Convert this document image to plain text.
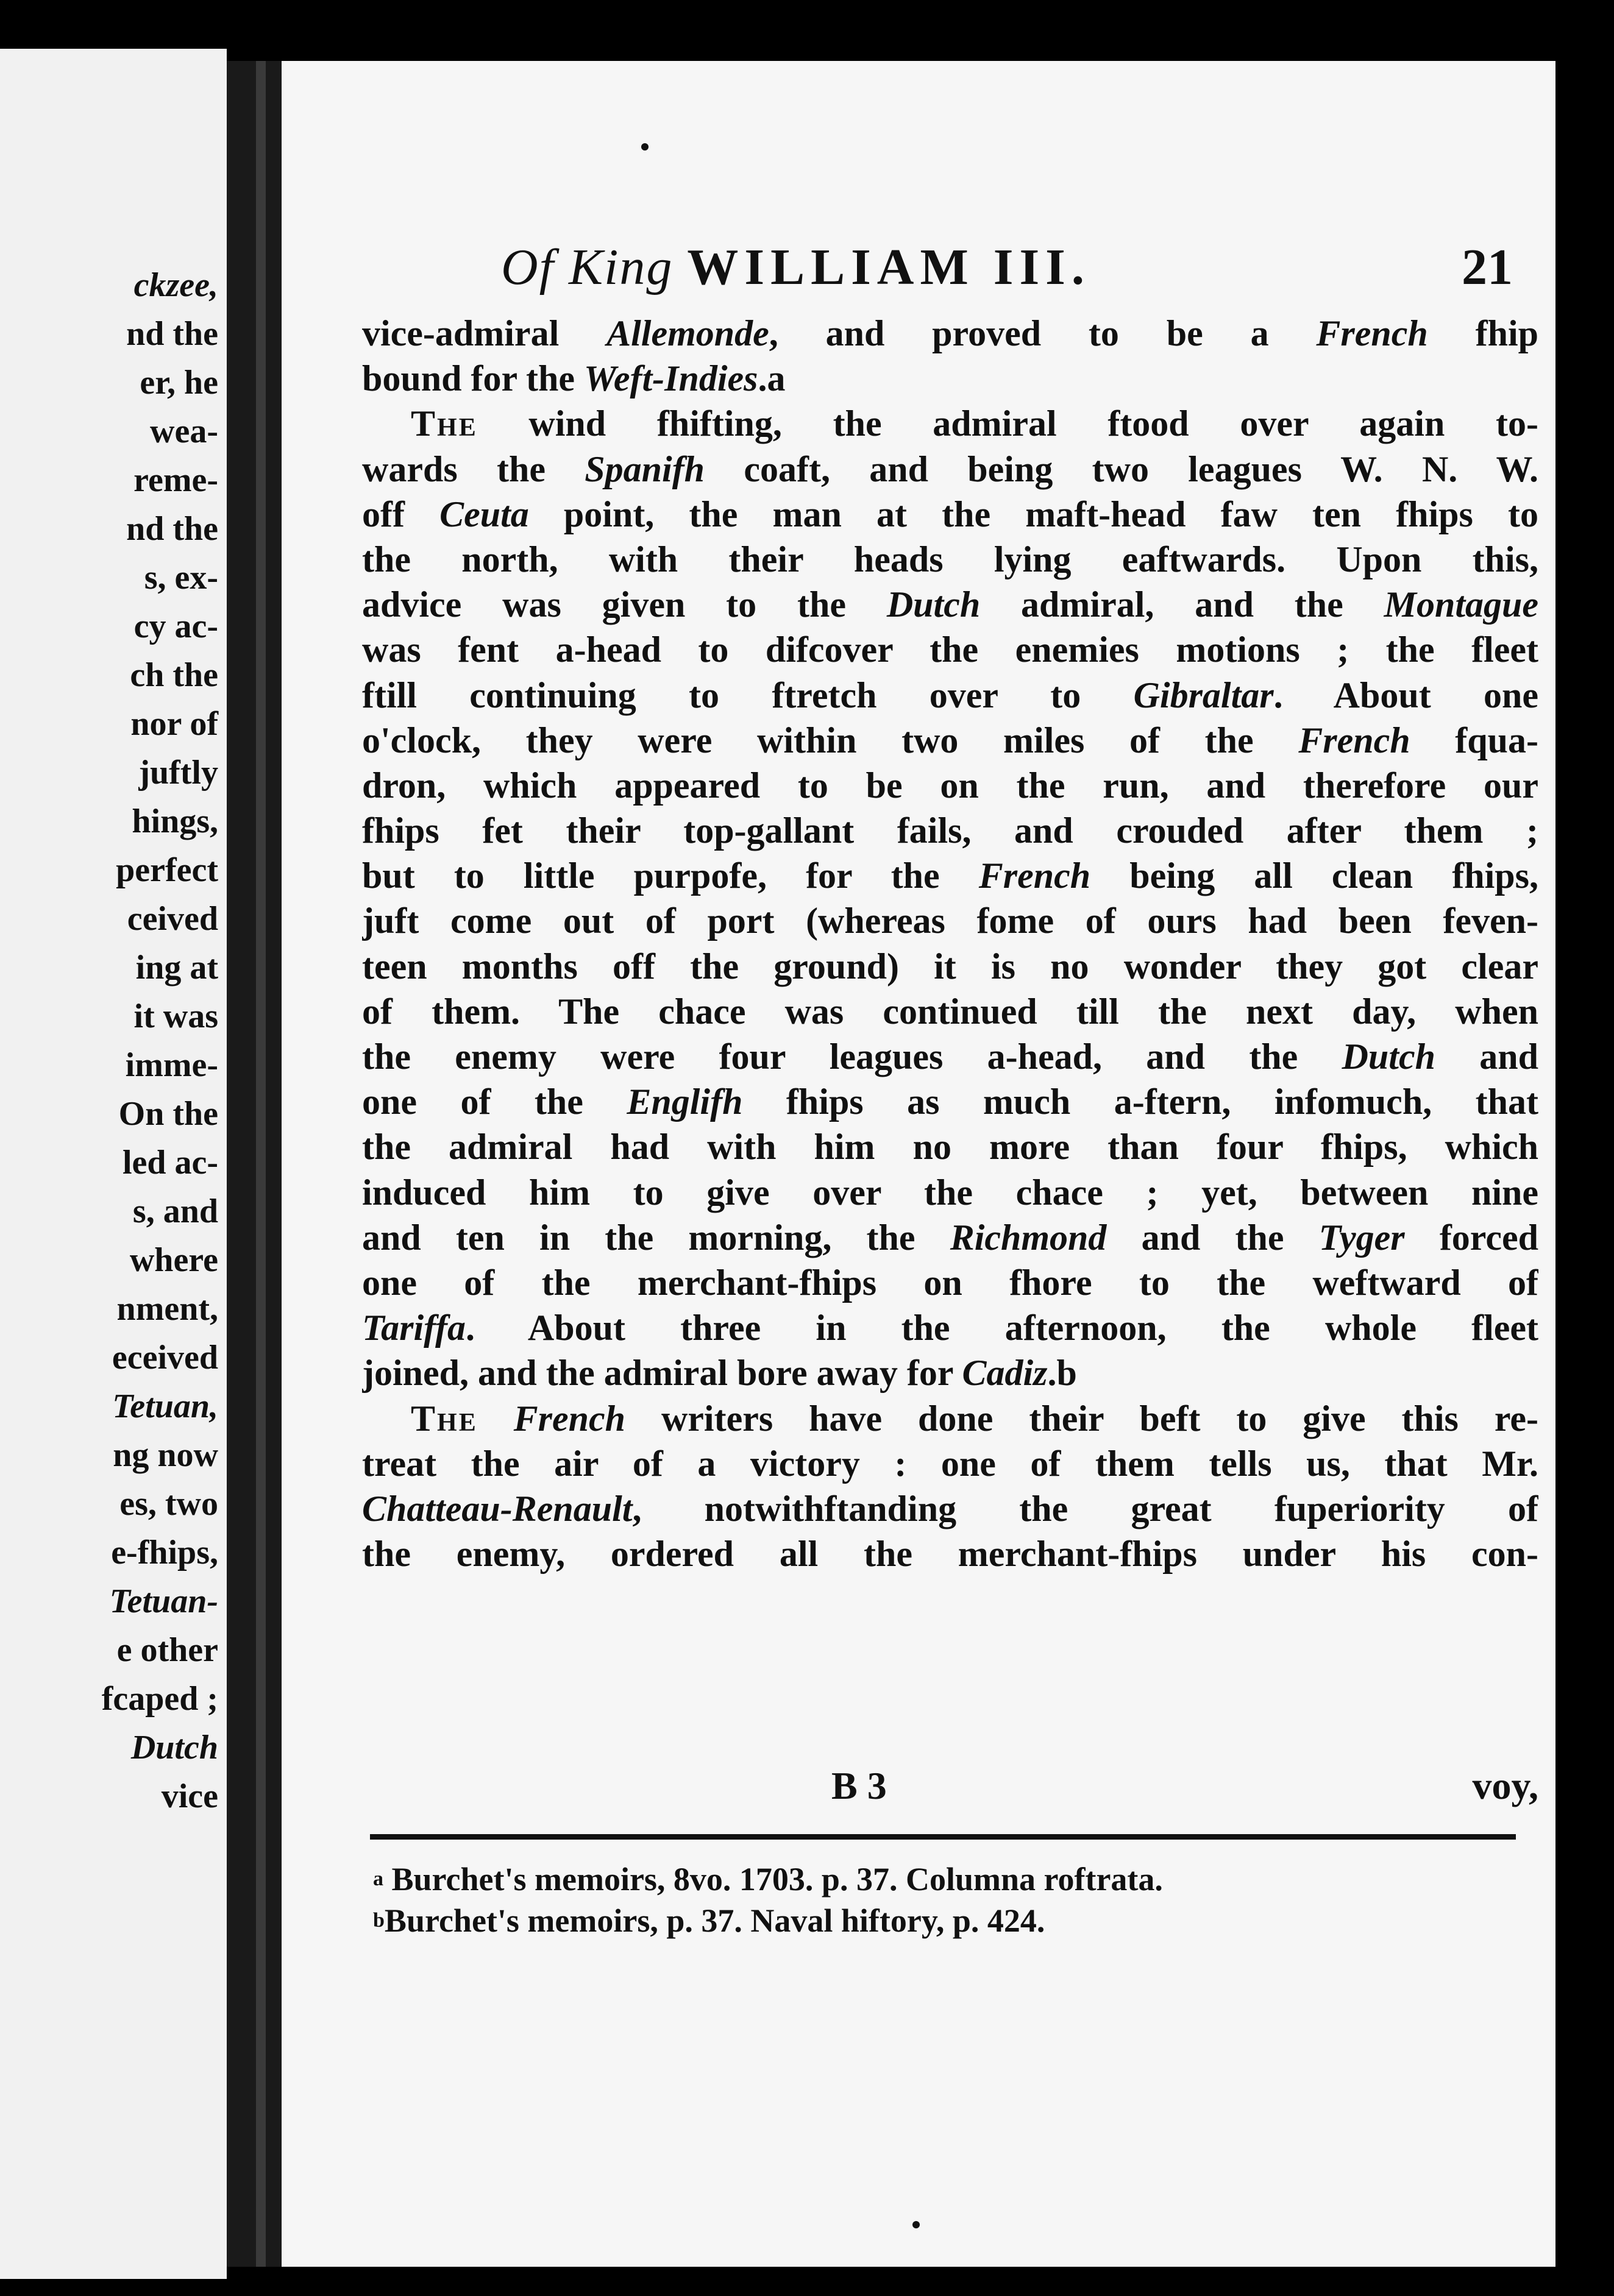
ckzee,
nd the
er, he
wea-
reme-
nd the
s, ex-
cy ac-
ch the
nor of
juftly
hings,
perfect
ceived
ing at
it was
imme-
On the
led ac-
s, and
where
nment,
eceived
Tetuan,
ng now
es, two
e-fhips,
Tetuan-
e other
fcaped ;
Dutch
vice
Of King WILLIAM III.	21
vice-admiral Allemonde, and proved to be a French fhip
bound for the Weft-Indies.a
The wind fhifting, the admiral ftood over again to-
wards the Spanifh coaft, and being two leagues W. N. W.
off Ceuta point, the man at the maft-head faw ten fhips to
the north, with their heads lying eaftwards. Upon this,
advice was given to the Dutch admiral, and the Montague
was fent a-head to difcover the enemies motions ; the fleet
ftill continuing to ftretch over to Gibraltar. About one
o'clock, they were within two miles of the French fqua-
dron, which appeared to be on the run, and therefore our
fhips fet their top-gallant fails, and crouded after them ;
but to little purpofe, for the French being all clean fhips,
juft come out of port (whereas fome of ours had been feven-
teen months off the ground) it is no wonder they got clear
of them. The chace was continued till the next day, when
the enemy were four leagues a-head, and the Dutch and
one of the Englifh fhips as much a-ftern, infomuch, that
the admiral had with him no more than four fhips, which
induced him to give over the chace ; yet, between nine
and ten in the morning, the Richmond and the Tyger forced
one of the merchant-fhips on fhore to the weftward of
Tariffa. About three in the afternoon, the whole fleet
joined, and the admiral bore away for Cadiz.b
The French writers have done their beft to give this re-
treat the air of a victory : one of them tells us, that Mr.
Chatteau-Renault, notwithftanding the great fuperiority of
the enemy, ordered all the merchant-fhips under his con-
B 3	voy,
$^a$ Burchet's memoirs, 8vo. 1703. p. 37. Columna roftrata.
$^b$Burchet's memoirs, p. 37. Naval hiftory, p. 424.
